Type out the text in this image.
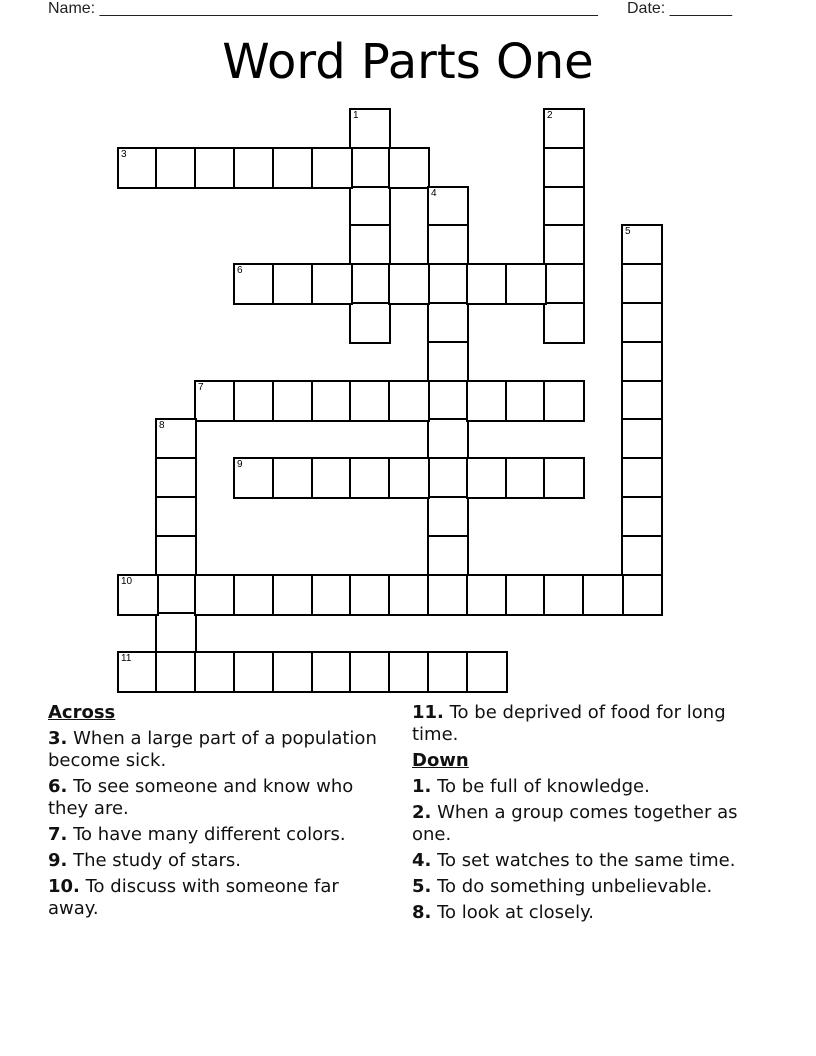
Name: ________________________________________________________ Date: _______
Word Parts One
1	2
3
4
5
6
7
8
9
10
11
Across
3. When a large part of a population become sick.
6. To see someone and know who they are.
7. To have many different colors.
9. The study of stars.
10. To discuss with someone far away.
11. To be deprived of food for long time.
Down
1. To be full of knowledge.
2. When a group comes together as one.
4. To set watches to the same time.
5. To do something unbelievable.
8. To look at closely.
